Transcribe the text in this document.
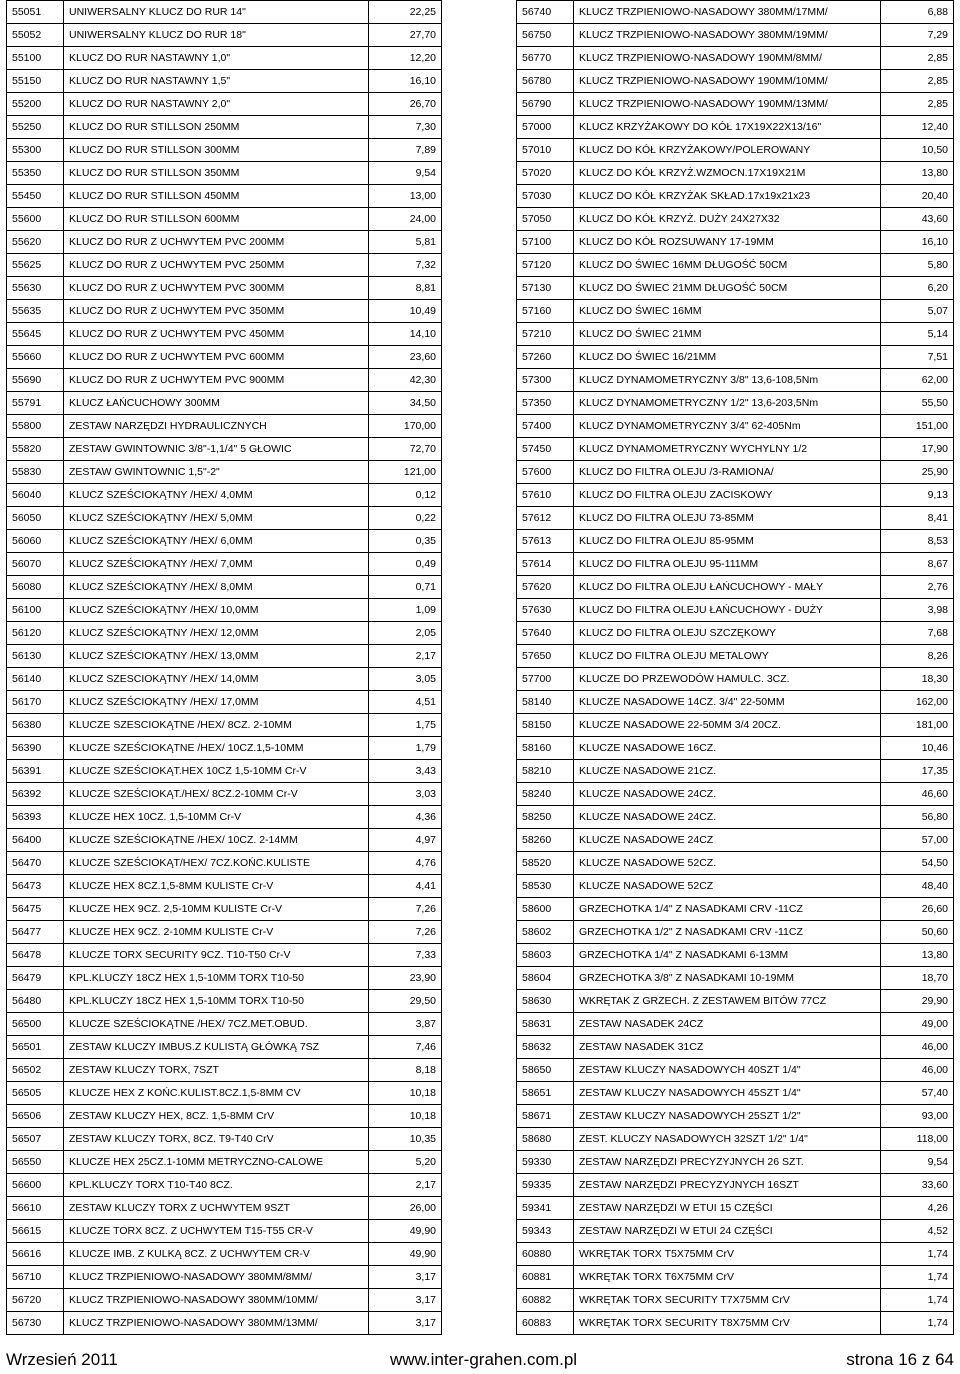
55051	UNIWERSALNY KLUCZ DO RUR 14"	22,25
55052	UNIWERSALNY KLUCZ DO RUR 18"	27,70
55100	KLUCZ DO RUR NASTAWNY 1,0"	12,20
55150	KLUCZ DO RUR NASTAWNY 1,5"	16,10
55200	KLUCZ DO RUR NASTAWNY 2,0"	26,70
55250	KLUCZ DO RUR STILLSON 250MM	7,30
55300	KLUCZ DO RUR STILLSON 300MM	7,89
55350	KLUCZ DO RUR STILLSON 350MM	9,54
55450	KLUCZ DO RUR STILLSON 450MM	13,00
55600	KLUCZ DO RUR STILLSON 600MM	24,00
55620	KLUCZ DO RUR Z UCHWYTEM PVC 200MM	5,81
55625	KLUCZ DO RUR Z UCHWYTEM PVC 250MM	7,32
55630	KLUCZ DO RUR Z UCHWYTEM PVC 300MM	8,81
55635	KLUCZ DO RUR Z UCHWYTEM PVC 350MM	10,49
55645	KLUCZ DO RUR Z UCHWYTEM PVC 450MM	14,10
55660	KLUCZ DO RUR Z UCHWYTEM PVC 600MM	23,60
55690	KLUCZ DO RUR Z UCHWYTEM PVC 900MM	42,30
55791	KLUCZ ŁAŃCUCHOWY 300MM	34,50
55800	ZESTAW NARZĘDZI HYDRAULICZNYCH	170,00
55820	ZESTAW GWINTOWNIC 3/8"-1,1/4" 5 GŁOWIC	72,70
55830	ZESTAW GWINTOWNIC 1,5"-2"	121,00
56040	KLUCZ SZEŚCIOKĄTNY /HEX/ 4,0MM	0,12
56050	KLUCZ SZEŚCIOKĄTNY /HEX/ 5,0MM	0,22
56060	KLUCZ SZEŚCIOKĄTNY /HEX/ 6,0MM	0,35
56070	KLUCZ SZEŚCIOKĄTNY /HEX/ 7,0MM	0,49
56080	KLUCZ SZEŚCIOKĄTNY /HEX/ 8,0MM	0,71
56100	KLUCZ SZEŚCIOKĄTNY /HEX/ 10,0MM	1,09
56120	KLUCZ SZEŚCIOKĄTNY /HEX/ 12,0MM	2,05
56130	KLUCZ SZEŚCIOKĄTNY /HEX/ 13,0MM	2,17
56140	KLUCZ SZESCIOKĄTNY /HEX/ 14,0MM	3,05
56170	KLUCZ SZEŚCIOKĄTNY /HEX/ 17,0MM	4,51
56380	KLUCZE SZESCIOKĄTNE /HEX/ 8CZ. 2-10MM	1,75
56390	KLUCZE SZEŚCIOKĄTNE /HEX/ 10CZ.1,5-10MM	1,79
56391	KLUCZE SZEŚCIOKĄT.HEX 10CZ 1,5-10MM Cr-V	3,43
56392	KLUCZE SZEŚCIOKĄT./HEX/ 8CZ.2-10MM Cr-V	3,03
56393	KLUCZE HEX 10CZ. 1,5-10MM Cr-V	4,36
56400	KLUCZE SZEŚCIOKĄTNE /HEX/ 10CZ. 2-14MM	4,97
56470	KLUCZE SZEŚCIOKĄT/HEX/ 7CZ.KOŃC.KULISTE	4,76
56473	KLUCZE HEX 8CZ.1,5-8MM KULISTE Cr-V	4,41
56475	KLUCZE HEX 9CZ. 2,5-10MM KULISTE Cr-V	7,26
56477	KLUCZE HEX 9CZ. 2-10MM KULISTE Cr-V	7,26
56478	KLUCZE TORX SECURITY 9CZ. T10-T50 Cr-V	7,33
56479	KPL.KLUCZY 18CZ HEX 1,5-10MM TORX T10-50	23,90
56480	KPL.KLUCZY 18CZ HEX 1,5-10MM TORX T10-50	29,50
56500	KLUCZE SZEŚCIOKĄTNE /HEX/ 7CZ.MET.OBUD.	3,87
56501	ZESTAW KLUCZY IMBUS.Z KULISTĄ GŁÓWKĄ 7SZ	7,46
56502	ZESTAW KLUCZY TORX, 7SZT	8,18
56505	KLUCZE HEX Z KOŃC.KULIST.8CZ.1,5-8MM CV	10,18
56506	ZESTAW KLUCZY HEX, 8CZ. 1,5-8MM CrV	10,18
56507	ZESTAW KLUCZY TORX, 8CZ. T9-T40 CrV	10,35
56550	KLUCZE HEX 25CZ.1-10MM METRYCZNO-CALOWE	5,20
56600	KPL.KLUCZY TORX T10-T40 8CZ.	2,17
56610	ZESTAW KLUCZY TORX Z UCHWYTEM 9SZT	26,00
56615	KLUCZE TORX 8CZ. Z UCHWYTEM T15-T55 CR-V	49,90
56616	KLUCZE IMB. Z KULKĄ 8CZ. Z UCHWYTEM CR-V	49,90
56710	KLUCZ TRZPIENIOWO-NASADOWY 380MM/8MM/	3,17
56720	KLUCZ TRZPIENIOWO-NASADOWY 380MM/10MM/	3,17
56730	KLUCZ TRZPIENIOWO-NASADOWY 380MM/13MM/	3,17
56740	KLUCZ TRZPIENIOWO-NASADOWY 380MM/17MM/	6,88
56750	KLUCZ TRZPIENIOWO-NASADOWY 380MM/19MM/	7,29
56770	KLUCZ TRZPIENIOWO-NASADOWY 190MM/8MM/	2,85
56780	KLUCZ TRZPIENIOWO-NASADOWY 190MM/10MM/	2,85
56790	KLUCZ TRZPIENIOWO-NASADOWY 190MM/13MM/	2,85
57000	KLUCZ KRZYŻAKOWY DO KÓŁ 17X19X22X13/16"	12,40
57010	KLUCZ DO KÓŁ KRZYŻAKOWY/POLEROWANY	10,50
57020	KLUCZ DO KÓŁ KRZYŻ.WZMOCN.17X19X21M	13,80
57030	KLUCZ DO KÓŁ KRZYŻAK SKŁAD.17x19x21x23	20,40
57050	KLUCZ DO KÓŁ KRZYŻ. DUŻY 24X27X32	43,60
57100	KLUCZ DO KÓŁ ROZSUWANY 17-19MM	16,10
57120	KLUCZ DO ŚWIEC 16MM DŁUGOŚĆ 50CM	5,80
57130	KLUCZ DO ŚWIEC 21MM DŁUGOŚĆ 50CM	6,20
57160	KLUCZ DO ŚWIEC 16MM	5,07
57210	KLUCZ DO ŚWIEC 21MM	5,14
57260	KLUCZ DO ŚWIEC 16/21MM	7,51
57300	KLUCZ DYNAMOMETRYCZNY 3/8" 13,6-108,5Nm	62,00
57350	KLUCZ DYNAMOMETRYCZNY 1/2" 13,6-203,5Nm	55,50
57400	KLUCZ DYNAMOMETRYCZNY 3/4" 62-405Nm	151,00
57450	KLUCZ DYNAMOMETRYCZNY WYCHYLNY 1/2	17,90
57600	KLUCZ DO FILTRA OLEJU /3-RAMIONA/	25,90
57610	KLUCZ DO FILTRA OLEJU ZACISKOWY	9,13
57612	KLUCZ DO FILTRA OLEJU 73-85MM	8,41
57613	KLUCZ DO FILTRA OLEJU 85-95MM	8,53
57614	KLUCZ DO FILTRA OLEJU 95-111MM	8,67
57620	KLUCZ DO FILTRA OLEJU ŁAŃCUCHOWY - MAŁY	2,76
57630	KLUCZ DO FILTRA OLEJU ŁAŃCUCHOWY - DUŻY	3,98
57640	KLUCZ DO FILTRA OLEJU SZCZĘKOWY	7,68
57650	KLUCZ DO FILTRA OLEJU METALOWY	8,26
57700	KLUCZE DO PRZEWODÓW HAMULC. 3CZ.	18,30
58140	KLUCZE NASADOWE 14CZ. 3/4" 22-50MM	162,00
58150	KLUCZE NASADOWE 22-50MM 3/4 20CZ.	181,00
58160	KLUCZE NASADOWE 16CZ.	10,46
58210	KLUCZE NASADOWE 21CZ.	17,35
58240	KLUCZE NASADOWE 24CZ.	46,60
58250	KLUCZE NASADOWE 24CZ.	56,80
58260	KLUCZE NASADOWE 24CZ	57,00
58520	KLUCZE NASADOWE 52CZ.	54,50
58530	KLUCZE NASADOWE 52CZ	48,40
58600	GRZECHOTKA 1/4" Z NASADKAMI CRV -11CZ	26,60
58602	GRZECHOTKA 1/2" Z NASADKAMI CRV -11CZ	50,60
58603	GRZECHOTKA 1/4" Z NASADKAMI 6-13MM	13,80
58604	GRZECHOTKA 3/8" Z NASADKAMI 10-19MM	18,70
58630	WKRĘTAK Z GRZECH. Z ZESTAWEM BITÓW 77CZ	29,90
58631	ZESTAW NASADEK 24CZ	49,00
58632	ZESTAW NASADEK 31CZ	46,00
58650	ZESTAW KLUCZY NASADOWYCH 40SZT 1/4"	46,00
58651	ZESTAW KLUCZY NASADOWYCH 45SZT 1/4"	57,40
58671	ZESTAW KLUCZY NASADOWYCH 25SZT 1/2"	93,00
58680	ZEST. KLUCZY NASADOWYCH 32SZT 1/2" 1/4"	118,00
59330	ZESTAW NARZĘDZI PRECYZYJNYCH 26 SZT.	9,54
59335	ZESTAW NARZĘDZI PRECYZYJNYCH 16SZT	33,60
59341	ZESTAW NARZĘDZI W ETUI 15 CZĘŚCI	4,26
59343	ZESTAW NARZĘDZI W ETUI 24 CZĘŚCI	4,52
60880	WKRĘTAK TORX T5X75MM CrV	1,74
60881	WKRĘTAK TORX T6X75MM CrV	1,74
60882	WKRĘTAK TORX SECURITY T7X75MM CrV	1,74
60883	WKRĘTAK TORX SECURITY T8X75MM CrV	1,74
Wrzesień 2011	www.inter-grahen.com.pl	strona 16 z 64
